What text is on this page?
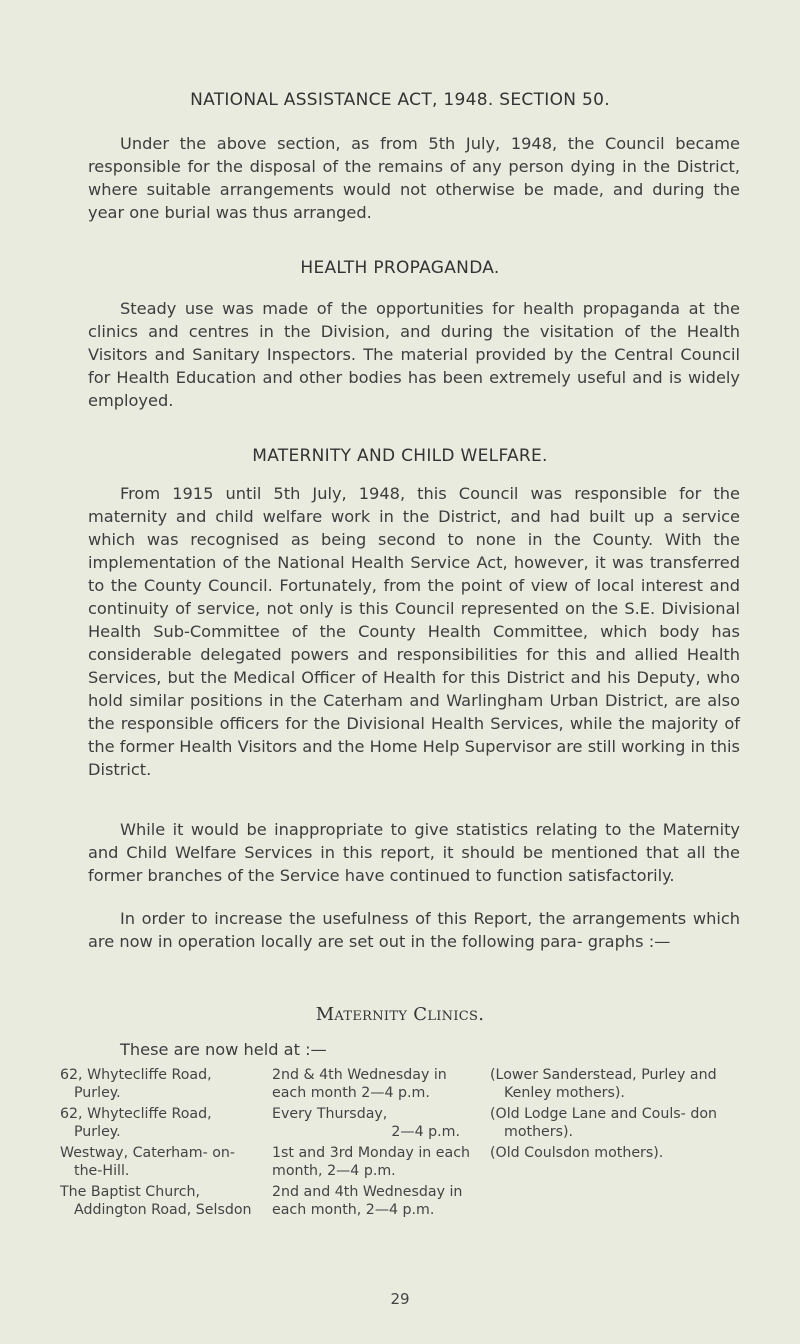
NATIONAL ASSISTANCE ACT, 1948. SECTION 50.
Under the above section, as from 5th July, 1948, the Council became responsible for the disposal of the remains of any person dying in the District, where suitable arrangements would not otherwise be made, and during the year one burial was thus arranged.
HEALTH PROPAGANDA.
Steady use was made of the opportunities for health propaganda at the clinics and centres in the Division, and during the visitation of the Health Visitors and Sanitary Inspectors. The material provided by the Central Council for Health Education and other bodies has been extremely useful and is widely employed.
MATERNITY AND CHILD WELFARE.
From 1915 until 5th July, 1948, this Council was responsible for the maternity and child welfare work in the District, and had built up a service which was recognised as being second to none in the County. With the implementation of the National Health Service Act, however, it was transferred to the County Council. Fortunately, from the point of view of local interest and continuity of service, not only is this Council represented on the S.E. Divisional Health Sub-Committee of the County Health Committee, which body has considerable delegated powers and responsibilities for this and allied Health Services, but the Medical Officer of Health for this District and his Deputy, who hold similar positions in the Caterham and Warlingham Urban District, are also the responsible officers for the Divisional Health Services, while the majority of the former Health Visitors and the Home Help Supervisor are still working in this District.
While it would be inappropriate to give statistics relating to the Maternity and Child Welfare Services in this report, it should be mentioned that all the former branches of the Service have continued to function satisfactorily.
In order to increase the usefulness of this Report, the arrangements which are now in operation locally are set out in the following para- graphs :—
Maternity Clinics.
These are now held at :—
62, Whytecliffe Road, Purley.
2nd & 4th Wednesday in each month 2—4 p.m.
(Lower Sanderstead, Purley and Kenley mothers).
62, Whytecliffe Road, Purley.
Every Thursday,
2—4 p.m.
(Old Lodge Lane and Couls- don mothers).
Westway, Caterham- on-the-Hill.
1st and 3rd Monday in each month, 2—4 p.m.
(Old Coulsdon mothers).
The Baptist Church, Addington Road, Selsdon
2nd and 4th Wednesday in each month, 2—4 p.m.
29
